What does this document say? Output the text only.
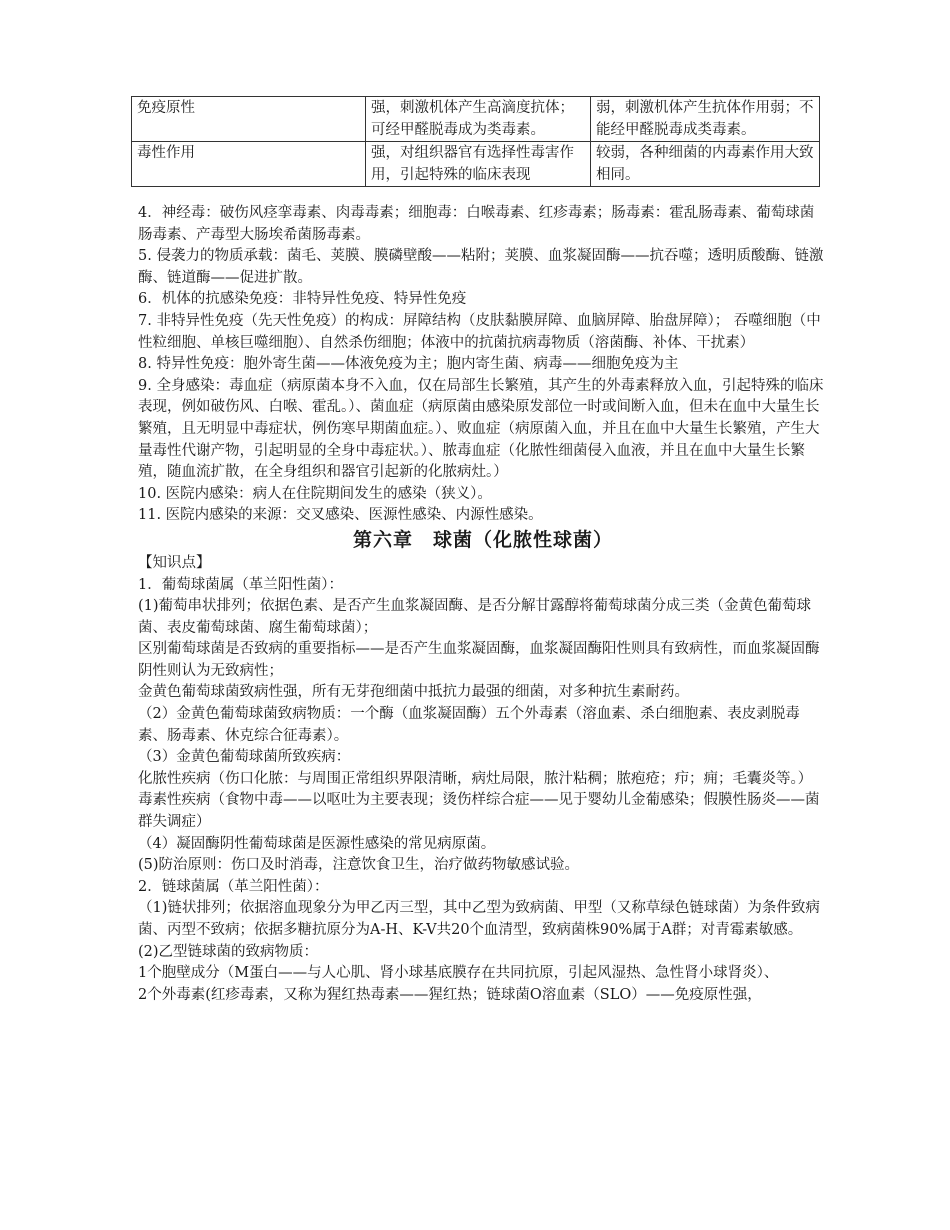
免疫原性	强，刺激机体产生高滴度抗体；可经甲醛脱毒成为类毒素。	弱，刺激机体产生抗体作用弱；不能经甲醛脱毒成类毒素。
毒性作用	强，对组织器官有选择性毒害作用，引起特殊的临床表现	较弱，各种细菌的内毒素作用大致相同。

4．神经毒：破伤风痉挛毒素、肉毒毒素；细胞毒：白喉毒素、红疹毒素；肠毒素：霍乱肠毒素、葡萄球菌肠毒素、产毒型大肠埃希菌肠毒素。

5. 侵袭力的物质承载：菌毛、荚膜、膜磷壁酸——粘附；荚膜、血浆凝固酶——抗吞噬；透明质酸酶、链激酶、链道酶——促进扩散。

6．机体的抗感染免疫：非特异性免疫、特异性免疫

7. 非特异性免疫（先天性免疫）的构成：屏障结构（皮肤黏膜屏障、血脑屏障、胎盘屏障）； 吞噬细胞（中性粒细胞、单核巨噬细胞）、自然杀伤细胞；体液中的抗菌抗病毒物质（溶菌酶、补体、干扰素）

8. 特异性免疫：胞外寄生菌——体液免疫为主；胞内寄生菌、病毒——细胞免疫为主

9. 全身感染：毒血症（病原菌本身不入血，仅在局部生长繁殖，其产生的外毒素释放入血，引起特殊的临床表现，例如破伤风、白喉、霍乱。）、菌血症（病原菌由感染原发部位一时或间断入血，但未在血中大量生长繁殖，且无明显中毒症状，例伤寒早期菌血症。）、败血症（病原菌入血，并且在血中大量生长繁殖，产生大量毒性代谢产物，引起明显的全身中毒症状。）、脓毒血症（化脓性细菌侵入血液，并且在血中大量生长繁殖，随血流扩散，在全身组织和器官引起新的化脓病灶。）

10. 医院内感染：病人在住院期间发生的感染（狭义）。

11. 医院内感染的来源：交叉感染、医源性感染、内源性感染。

第六章　球菌（化脓性球菌）

【知识点】

1．葡萄球菌属（革兰阳性菌）：

(1)葡萄串状排列；依据色素、是否产生血浆凝固酶、是否分解甘露醇将葡萄球菌分成三类（金黄色葡萄球菌、表皮葡萄球菌、腐生葡萄球菌）；

区别葡萄球菌是否致病的重要指标——是否产生血浆凝固酶，血浆凝固酶阳性则具有致病性，而血浆凝固酶阴性则认为无致病性；

金黄色葡萄球菌致病性强，所有无芽孢细菌中抵抗力最强的细菌，对多种抗生素耐药。

（2）金黄色葡萄球菌致病物质：一个酶（血浆凝固酶）五个外毒素（溶血素、杀白细胞素、表皮剥脱毒素、肠毒素、休克综合征毒素）。

（3）金黄色葡萄球菌所致疾病：

化脓性疾病（伤口化脓：与周围正常组织界限清晰，病灶局限，脓汁粘稠；脓疱疮；疖；痈；毛囊炎等。）

毒素性疾病（食物中毒——以呕吐为主要表现；烫伤样综合症——见于婴幼儿金葡感染；假膜性肠炎——菌群失调症）

（4）凝固酶阴性葡萄球菌是医源性感染的常见病原菌。

(5)防治原则：伤口及时消毒，注意饮食卫生，治疗做药物敏感试验。

2．链球菌属（革兰阳性菌）：

（1)链状排列；依据溶血现象分为甲乙丙三型，其中乙型为致病菌、甲型（又称草绿色链球菌）为条件致病菌、丙型不致病；依据多糖抗原分为A-H、K-V共20个血清型，致病菌株90%属于A群；对青霉素敏感。

(2)乙型链球菌的致病物质：

1个胞壁成分（M蛋白——与人心肌、肾小球基底膜存在共同抗原，引起风湿热、急性肾小球肾炎）、

2个外毒素(红疹毒素，又称为猩红热毒素——猩红热；链球菌O溶血素（SLO）——免疫原性强，
